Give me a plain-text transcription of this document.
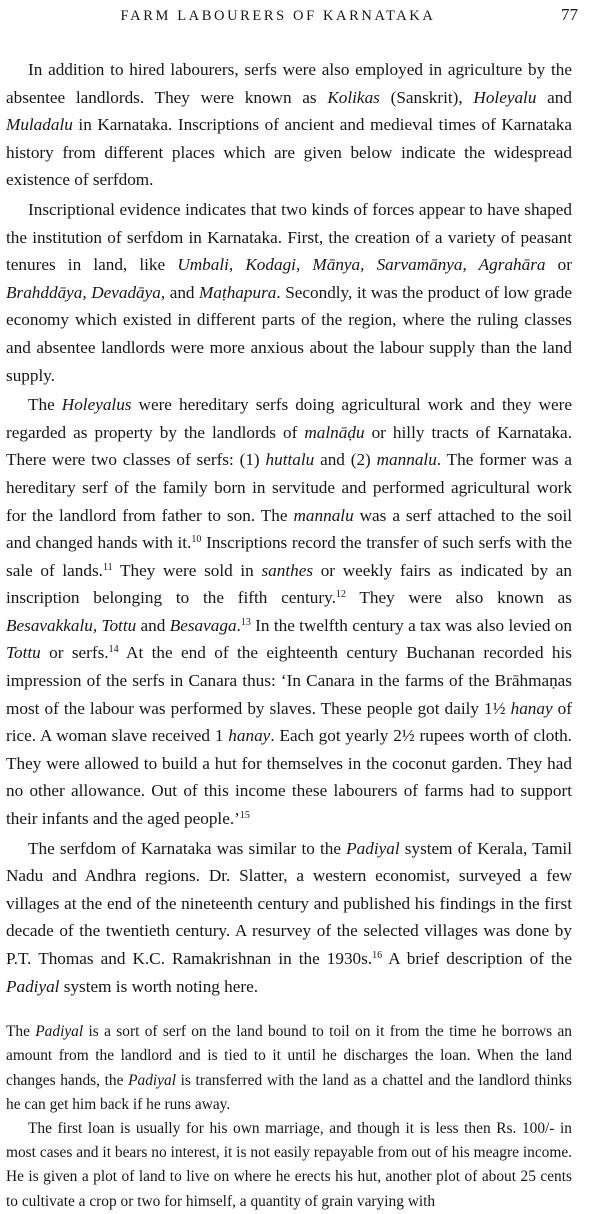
FARM LABOURERS OF KARNATAKA	77

In addition to hired labourers, serfs were also employed in agriculture by the absentee landlords. They were known as Kolikas (Sanskrit), Holeyalu and Muladalu in Karnataka. Inscriptions of ancient and medieval times of Karnataka history from different places which are given below indicate the widespread existence of serfdom.

Inscriptional evidence indicates that two kinds of forces appear to have shaped the institution of serfdom in Karnataka. First, the creation of a variety of peasant tenures in land, like Umbali, Kodagi, Mānya, Sarvamānya, Agrahāra or Brahddāya, Devadāya, and Maṭhapura. Secondly, it was the product of low grade economy which existed in different parts of the region, where the ruling classes and absentee landlords were more anxious about the labour supply than the land supply.

The Holeyalus were hereditary serfs doing agricultural work and they were regarded as property by the landlords of malnāḍu or hilly tracts of Karnataka. There were two classes of serfs: (1) huttalu and (2) mannalu. The former was a hereditary serf of the family born in servitude and performed agricultural work for the landlord from father to son. The mannalu was a serf attached to the soil and changed hands with it.$^{10}$ Inscriptions record the transfer of such serfs with the sale of lands.$^{11}$ They were sold in santhes or weekly fairs as indicated by an inscription belonging to the fifth century.$^{12}$ They were also known as Besavakkalu, Tottu and Besavaga.$^{13}$ In the twelfth century a tax was also levied on Tottu or serfs.$^{14}$ At the end of the eighteenth century Buchanan recorded his impression of the serfs in Canara thus: ‘In Canara in the farms of the Brāhmaṇas most of the labour was performed by slaves. These people got daily 1½ hanay of rice. A woman slave received 1 hanay. Each got yearly 2½ rupees worth of cloth. They were allowed to build a hut for themselves in the coconut garden. They had no other allowance. Out of this income these labourers of farms had to support their infants and the aged people.’$^{15}$

The serfdom of Karnataka was similar to the Padiyal system of Kerala, Tamil Nadu and Andhra regions. Dr. Slatter, a western economist, surveyed a few villages at the end of the nineteenth century and published his findings in the first decade of the twentieth century. A resurvey of the selected villages was done by P.T. Thomas and K.C. Ramakrishnan in the 1930s.$^{16}$ A brief description of the Padiyal system is worth noting here.

The Padiyal is a sort of serf on the land bound to toil on it from the time he borrows an amount from the landlord and is tied to it until he discharges the loan. When the land changes hands, the Padiyal is transferred with the land as a chattel and the landlord thinks he can get him back if he runs away.

The first loan is usually for his own marriage, and though it is less then Rs. 100/- in most cases and it bears no interest, it is not easily repayable from out of his meagre income. He is given a plot of land to live on where he erects his hut, another plot of about 25 cents to cultivate a crop or two for himself, a quantity of grain varying with
